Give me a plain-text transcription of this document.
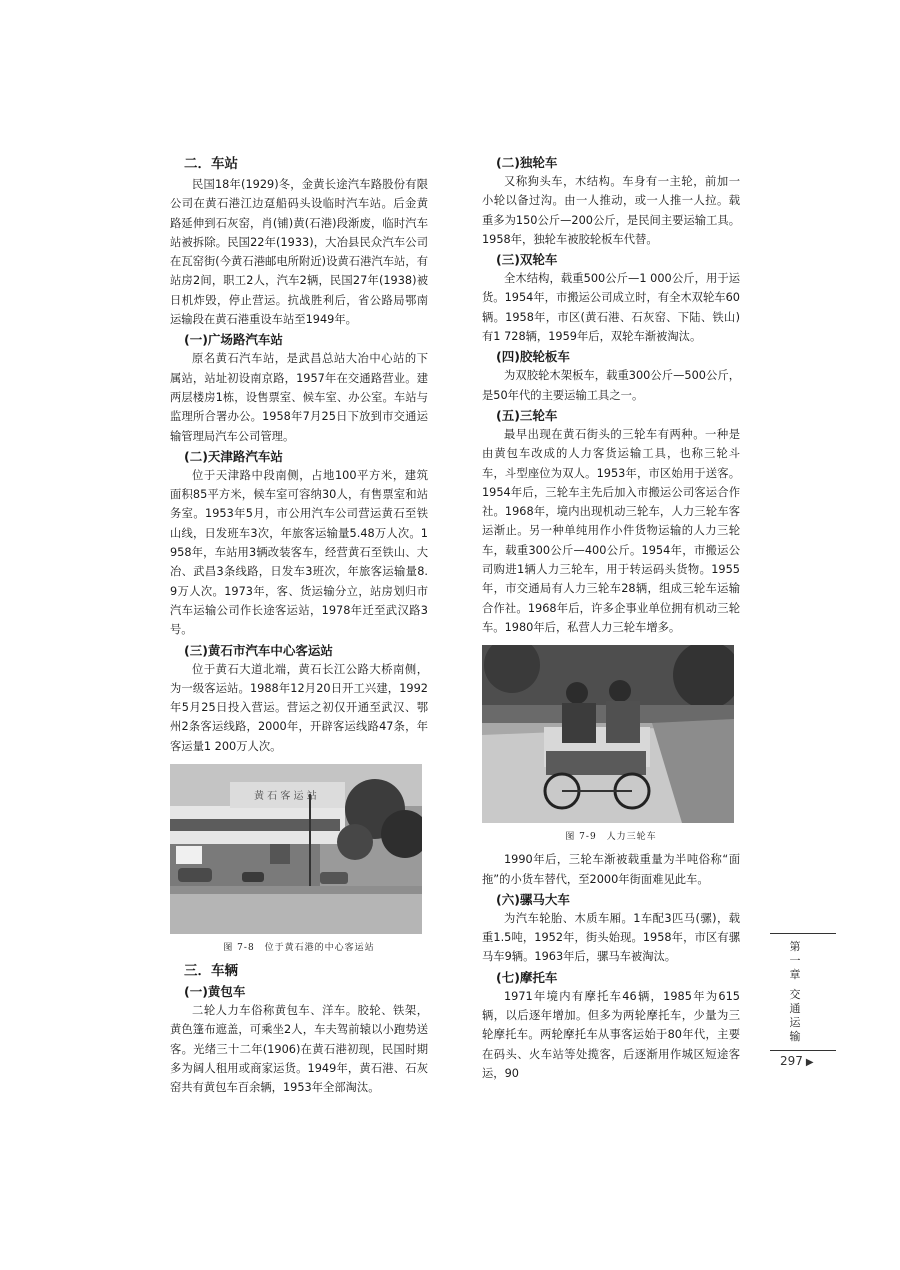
二．车站

民国18年(1929)冬，金黄长途汽车路股份有限公司在黄石港江边趸船码头设临时汽车站。后金黄路延伸到石灰窑，肖(铺)黄(石港)段渐废，临时汽车站被拆除。民国22年(1933)，大冶县民众汽车公司在瓦窑街(今黄石港邮电所附近)设黄石港汽车站，有站房2间，职工2人，汽车2辆，民国27年(1938)被日机炸毁，停止营运。抗战胜利后，省公路局鄂南运输段在黄石港重设车站至1949年。

(一)广场路汽车站

原名黄石汽车站，是武昌总站大冶中心站的下属站，站址初设南京路，1957年在交通路营业。建两层楼房1栋，设售票室、候车室、办公室。车站与监理所合署办公。1958年7月25日下放到市交通运输管理局汽车公司管理。

(二)天津路汽车站

位于天津路中段南侧，占地100平方米，建筑面积85平方米，候车室可容纳30人，有售票室和站务室。1953年5月，市公用汽车公司营运黄石至铁山线，日发班车3次，年旅客运输量5.48万人次。1958年，车站用3辆改装客车，经营黄石至铁山、大冶、武昌3条线路，日发车3班次，年旅客运输量8.9万人次。1973年，客、货运输分立，站房划归市汽车运输公司作长途客运站，1978年迁至武汉路3号。

(三)黄石市汽车中心客运站

位于黄石大道北端，黄石长江公路大桥南侧，为一级客运站。1988年12月20日开工兴建，1992年5月25日投入营运。营运之初仅开通至武汉、鄂州2条客运线路，2000年，开辟客运线路47条，年客运量1 200万人次。

黄 石 客 运 站
图 7-8　位于黄石港的中心客运站
三．车辆
(一)黄包车

二轮人力车俗称黄包车、洋车。胶轮、铁架，黄色篷布遮盖，可乘坐2人，车夫驾前辕以小跑势送客。光绪三十二年(1906)在黄石港初现，民国时期多为阔人租用或商家运货。1949年，黄石港、石灰窑共有黄包车百余辆，1953年全部淘汰。

(二)独轮车

又称狗头车，木结构。车身有一主轮，前加一小轮以备过沟。由一人推动，或一人推一人拉。载重多为150公斤—200公斤，是民间主要运输工具。1958年，独轮车被胶轮板车代替。

(三)双轮车

全木结构，载重500公斤—1 000公斤，用于运货。1954年，市搬运公司成立时，有全木双轮车60辆。1958年，市区(黄石港、石灰窑、下陆、铁山)有1 728辆，1959年后，双轮车渐被淘汰。

(四)胶轮板车

为双胶轮木架板车，载重300公斤—500公斤，是50年代的主要运输工具之一。

(五)三轮车

最早出现在黄石街头的三轮车有两种。一种是由黄包车改成的人力客货运输工具，也称三轮斗车，斗型座位为双人。1953年，市区始用于送客。1954年后，三轮车主先后加入市搬运公司客运合作社。1968年，境内出现机动三轮车，人力三轮车客运渐止。另一种单纯用作小件货物运输的人力三轮车，载重300公斤—400公斤。1954年，市搬运公司购进1辆人力三轮车，用于转运码头货物。1955年，市交通局有人力三轮车28辆，组成三轮车运输合作社。1968年后，许多企事业单位拥有机动三轮车。1980年后，私营人力三轮车增多。

图 7-9　人力三轮车

1990年后，三轮车渐被载重量为半吨俗称“面拖”的小货车替代，至2000年街面难见此车。

(六)骡马大车

为汽车轮胎、木质车厢。1车配3匹马(骡)，载重1.5吨，1952年，街头始现。1958年，市区有骡马车9辆。1963年后，骡马车被淘汰。

(七)摩托车

1971年境内有摩托车46辆，1985年为615辆，以后逐年增加。但多为两轮摩托车，少量为三轮摩托车。两轮摩托车从事客运始于80年代，主要在码头、火车站等处揽客，后逐渐用作城区短途客运，90

第
一
章
交
通
运
输
297 ▶
